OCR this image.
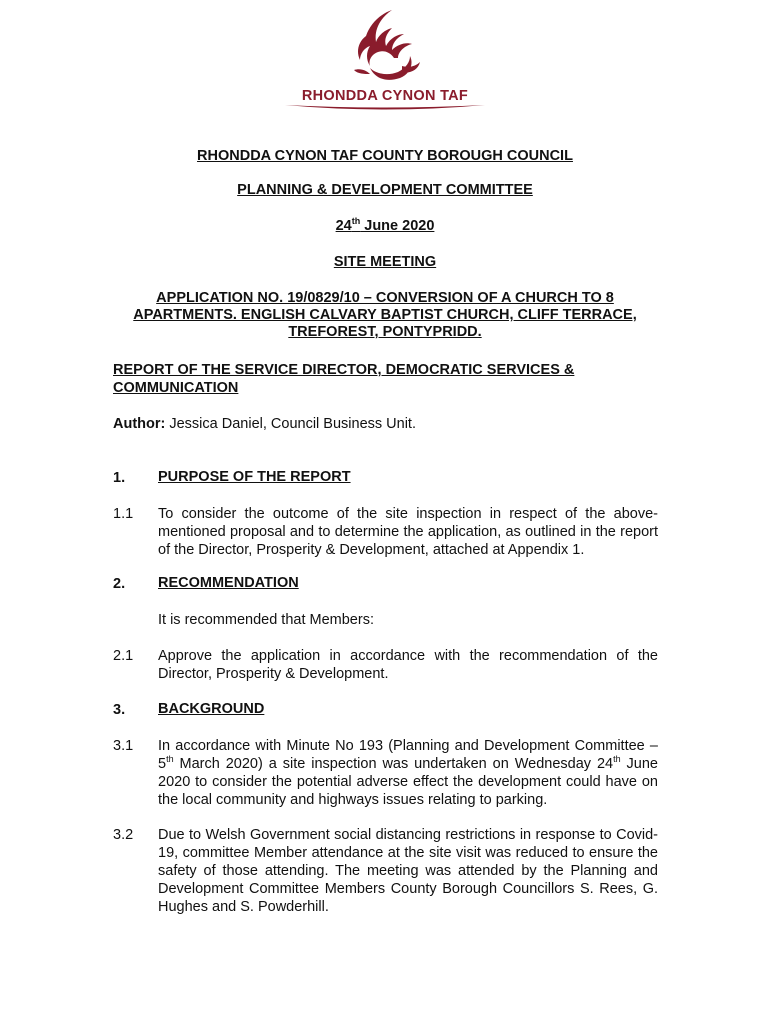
RHONDDA CYNON TAF
RHONDDA CYNON TAF COUNTY BOROUGH COUNCIL
PLANNING & DEVELOPMENT COMMITTEE
24th June 2020
SITE MEETING
APPLICATION NO. 19/0829/10 – CONVERSION OF A CHURCH TO 8
APARTMENTS. ENGLISH CALVARY BAPTIST CHURCH, CLIFF TERRACE,
TREFOREST, PONTYPRIDD.
REPORT OF THE SERVICE DIRECTOR, DEMOCRATIC SERVICES & COMMUNICATION
Author: Jessica Daniel, Council Business Unit.
1. PURPOSE OF THE REPORT
1.1 To consider the outcome of the site inspection in respect of the above-mentioned proposal and to determine the application, as outlined in the report of the Director, Prosperity & Development, attached at Appendix 1.
2. RECOMMENDATION
It is recommended that Members:
2.1 Approve the application in accordance with the recommendation of the Director, Prosperity & Development.
3. BACKGROUND
3.1 In accordance with Minute No 193 (Planning and Development Committee – 5th March 2020) a site inspection was undertaken on Wednesday 24th June 2020 to consider the potential adverse effect the development could have on the local community and highways issues relating to parking.
3.2 Due to Welsh Government social distancing restrictions in response to Covid-19, committee Member attendance at the site visit was reduced to ensure the safety of those attending. The meeting was attended by the Planning and Development Committee Members County Borough Councillors S. Rees, G. Hughes and S. Powderhill.
